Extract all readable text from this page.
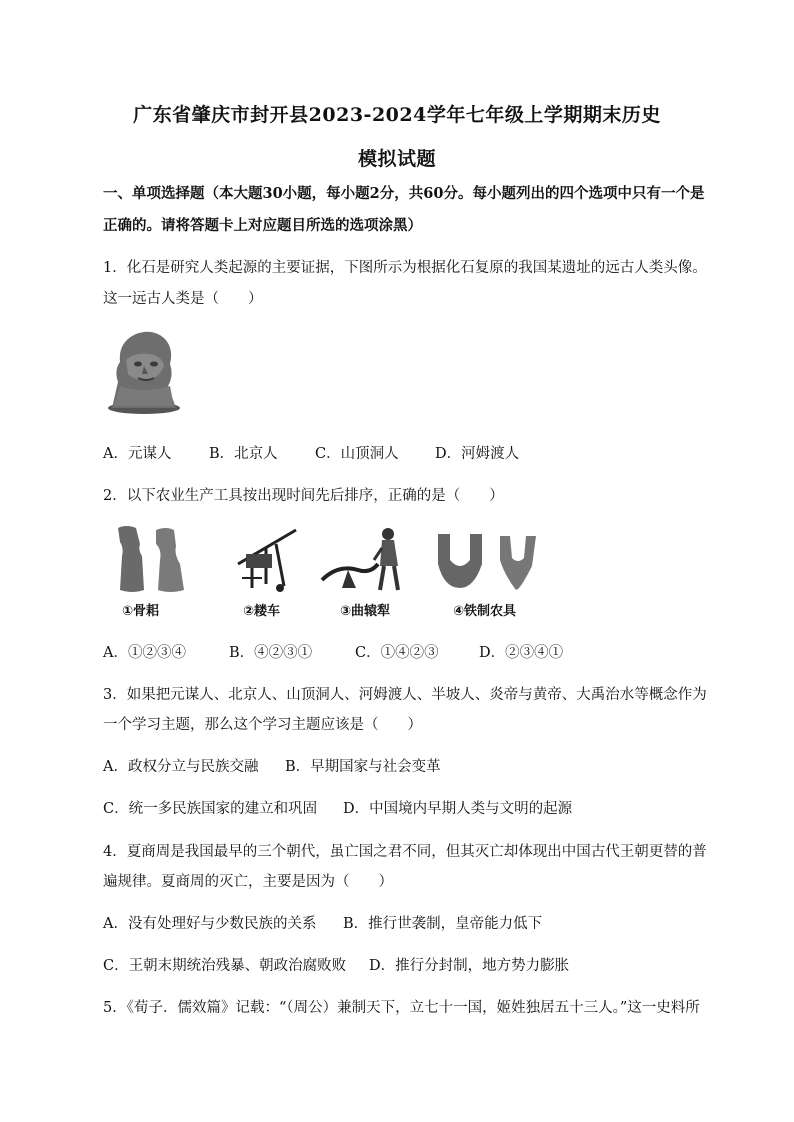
广东省肇庆市封开县2023-2024学年七年级上学期期末历史
模拟试题
一、单项选择题（本大题30小题，每小题2分，共60分。每小题列出的四个选项中只有一个是
正确的。请将答题卡上对应题目所选的选项涂黑）
1．化石是研究人类起源的主要证据，下图所示为根据化石复原的我国某遗址的远古人类头像。
这一远古人类是（　　）
A．元谋人	B．北京人	C．山顶洞人	D．河姆渡人
2．以下农业生产工具按出现时间先后排序，正确的是（　　）
①骨耜	②耧车	③曲辕犁	④铁制农具
A．①②③④	B．④②③①	C．①④②③	D．②③④①
3．如果把元谋人、北京人、山顶洞人、河姆渡人、半坡人、炎帝与黄帝、大禹治水等概念作为
一个学习主题，那么这个学习主题应该是（　　）
A．政权分立与民族交融 B．早期国家与社会变革
C．统一多民族国家的建立和巩固 D．中国境内早期人类与文明的起源
4．夏商周是我国最早的三个朝代，虽亡国之君不同，但其灭亡却体现出中国古代王朝更替的普
遍规律。夏商周的灭亡，主要是因为（　　）
A．没有处理好与少数民族的关系 B．推行世袭制，皇帝能力低下
C．王朝末期统治残暴、朝政治腐败败 D．推行分封制，地方势力膨胀
5．《荀子．儒效篇》记载：“（周公）兼制天下，立七十一国，姬姓独居五十三人。”这一史料所
